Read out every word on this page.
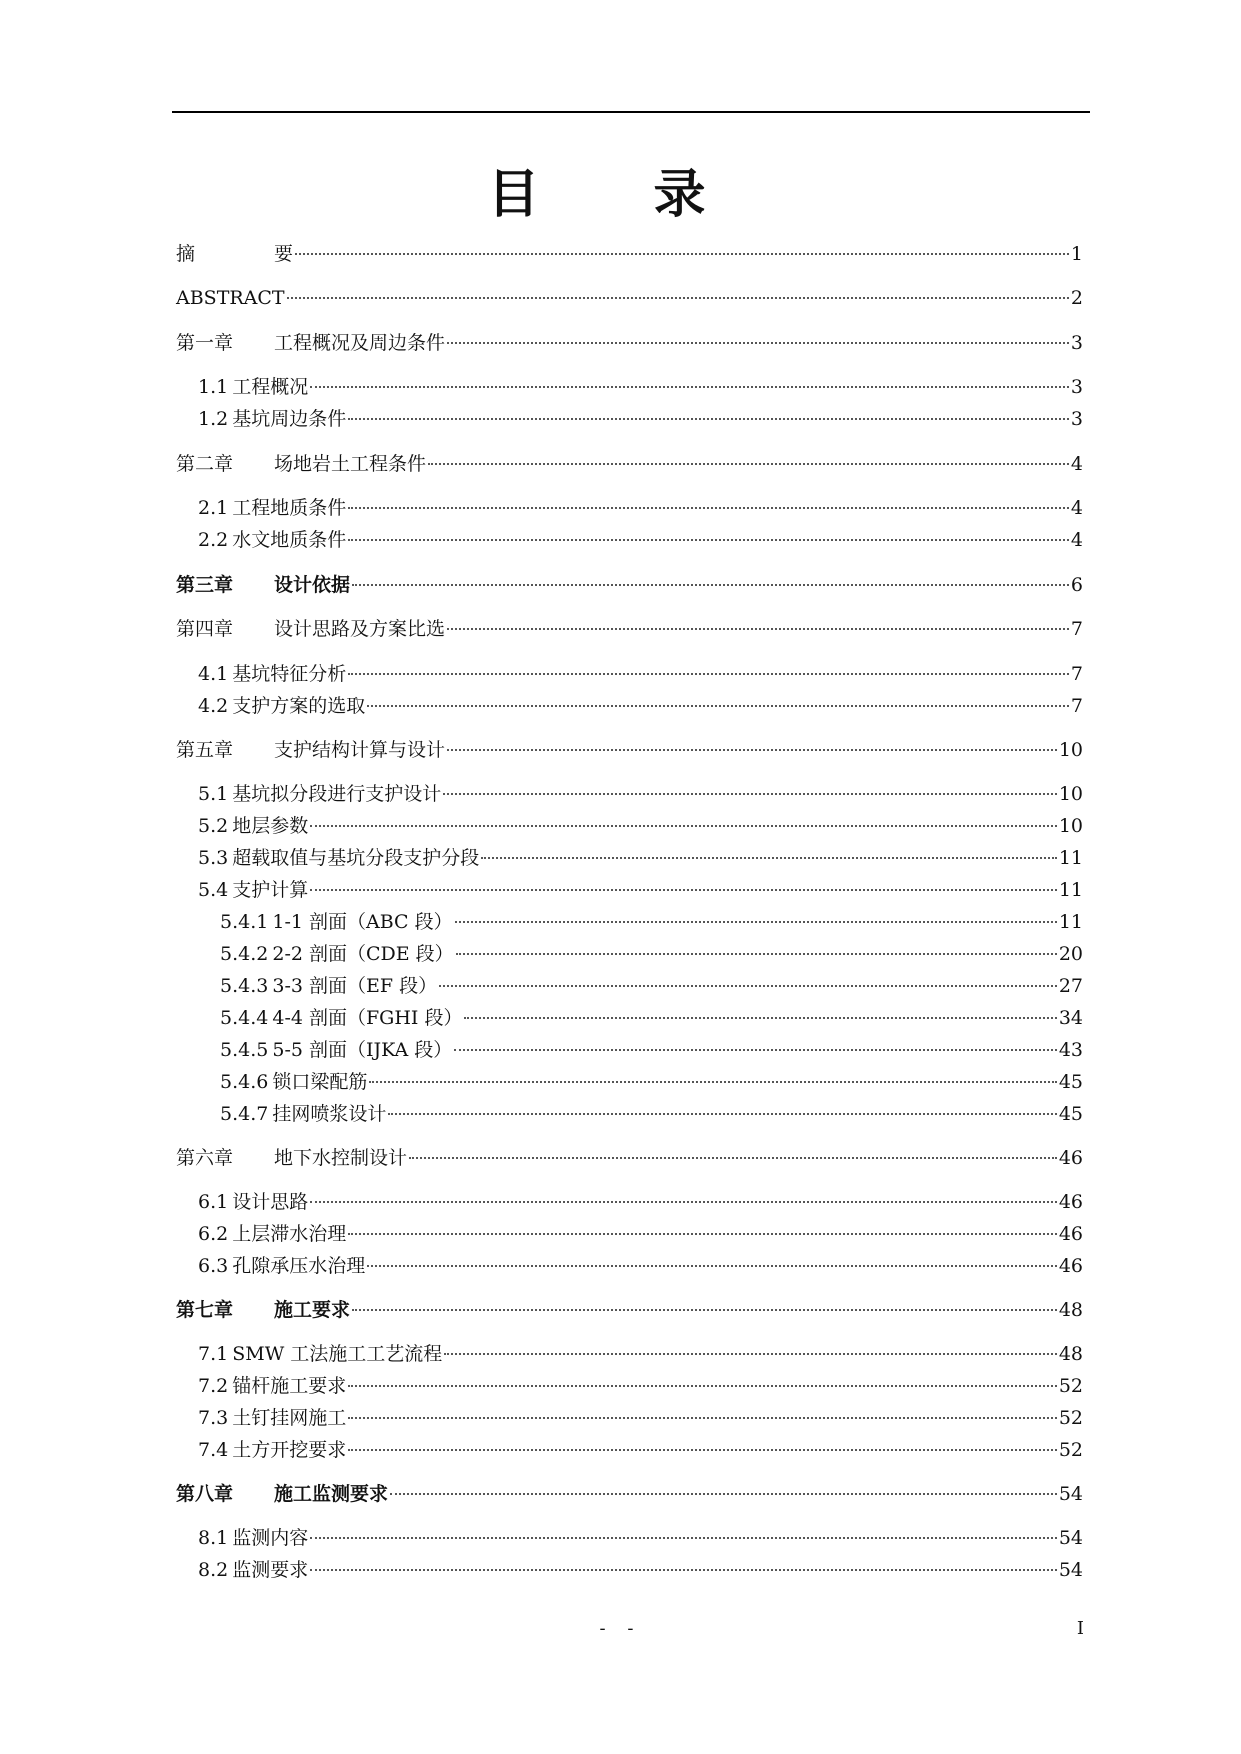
目 录
摘	要	1
ABSTRACT	2
第一章	工程概况及周边条件	3
1.1 工程概况	3
1.2 基坑周边条件	3
第二章	场地岩土工程条件	4
2.1 工程地质条件	4
2.2 水文地质条件	4
第三章	设计依据	6
第四章	设计思路及方案比选	7
4.1 基坑特征分析	7
4.2 支护方案的选取	7
第五章	支护结构计算与设计	10
5.1 基坑拟分段进行支护设计	10
5.2 地层参数	10
5.3 超载取值与基坑分段支护分段	11
5.4 支护计算	11
5.4.1 1-1 剖面（ABC 段）	11
5.4.2 2-2 剖面（CDE 段）	20
5.4.3 3-3 剖面（EF 段）	27
5.4.4 4-4 剖面（FGHI 段）	34
5.4.5 5-5 剖面（IJKA 段）	43
5.4.6 锁口梁配筋	45
5.4.7 挂网喷浆设计	45
第六章	地下水控制设计	46
6.1 设计思路	46
6.2 上层滞水治理	46
6.3 孔隙承压水治理	46
第七章	施工要求	48
7.1 SMW 工法施工工艺流程	48
7.2 锚杆施工要求	52
7.3 土钉挂网施工	52
7.4 土方开挖要求	52
第八章	施工监测要求	54
8.1 监测内容	54
8.2 监测要求	54
- -	I
